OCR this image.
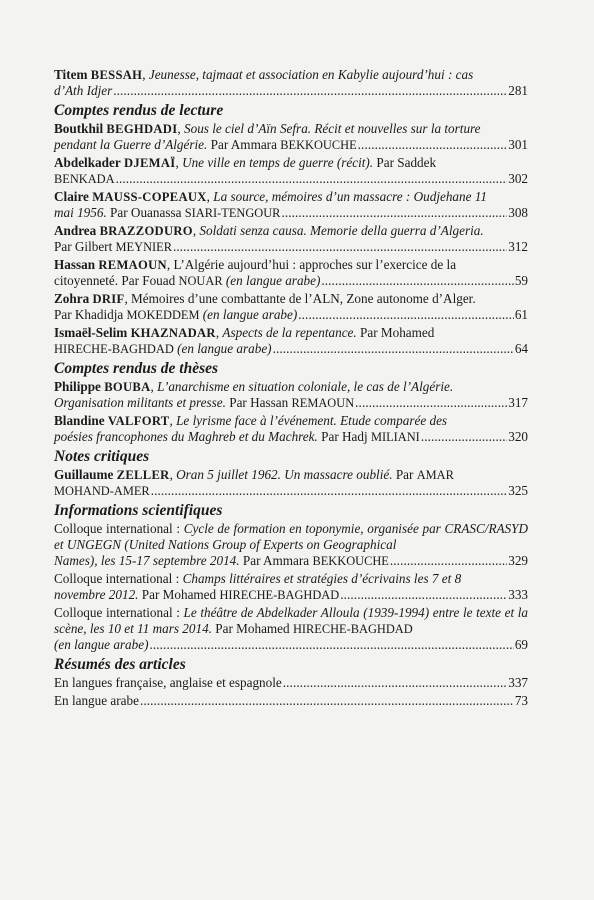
Titem BESSAH, Jeunesse, tajmaat et association en Kabylie aujourd’hui : cas
d’Ath Idjer . . .	281
Comptes rendus de lecture
Boutkhil BEGHDADI, Sous le ciel d’Aïn Sefra. Récit et nouvelles sur la torture
pendant la Guerre d’Algérie. Par Ammara BEKKOUCHE . . .	301
Abdelkader DJEMAÏ, Une ville en temps de guerre (récit). Par Saddek
BENKADA . . .	302
Claire MAUSS-COPEAUX, La source, mémoires d’un massacre : Oudjehane 11
mai 1956. Par Ouanassa SIARI-TENGOUR . . .	308
Andrea BRAZZODURO, Soldati senza causa. Memorie della guerra d’Algeria.
Par Gilbert MEYNIER . . .	312
Hassan REMAOUN, L’Algérie aujourd’hui : approches sur l’exercice de la
citoyenneté. Par Fouad NOUAR (en langue arabe) . . .	59
Zohra DRIF, Mémoires d’une combattante de l’ALN, Zone autonome d’Alger.
Par Khadidja MOKEDDEM (en langue arabe) . . .	61
Ismaël-Selim KHAZNADAR, Aspects de la repentance. Par Mohamed
HIRECHE-BAGHDAD (en langue arabe) . . .	64
Comptes rendus de thèses
Philippe BOUBA, L’anarchisme en situation coloniale, le cas de l’Algérie.
Organisation militants et presse. Par Hassan REMAOUN . . .	317
Blandine VALFORT, Le lyrisme face à l’événement. Etude comparée des
poésies francophones du Maghreb et du Machrek. Par Hadj MILIANI . . .	320
Notes critiques
Guillaume ZELLER, Oran 5 juillet 1962. Un massacre oublié. Par AMAR
MOHAND-AMER . . .	325
Informations scientifiques
Colloque international : Cycle de formation en toponymie, organisée par CRASC/RASYD et UNGEGN (United Nations Group of Experts on Geographical
Names), les 15-17 septembre 2014. Par Ammara BEKKOUCHE . . .	329
Colloque international : Champs littéraires et stratégies d’écrivains les 7 et 8
novembre 2012. Par Mohamed HIRECHE-BAGHDAD . . .	333
Colloque international : Le théâtre de Abdelkader Alloula (1939-1994) entre le texte et la scène, les 10 et 11 mars 2014. Par Mohamed HIRECHE-BAGHDAD
(en langue arabe) . . .	69
Résumés des articles
En langues française, anglaise et espagnole . . .	337
En langue arabe . . .	73
